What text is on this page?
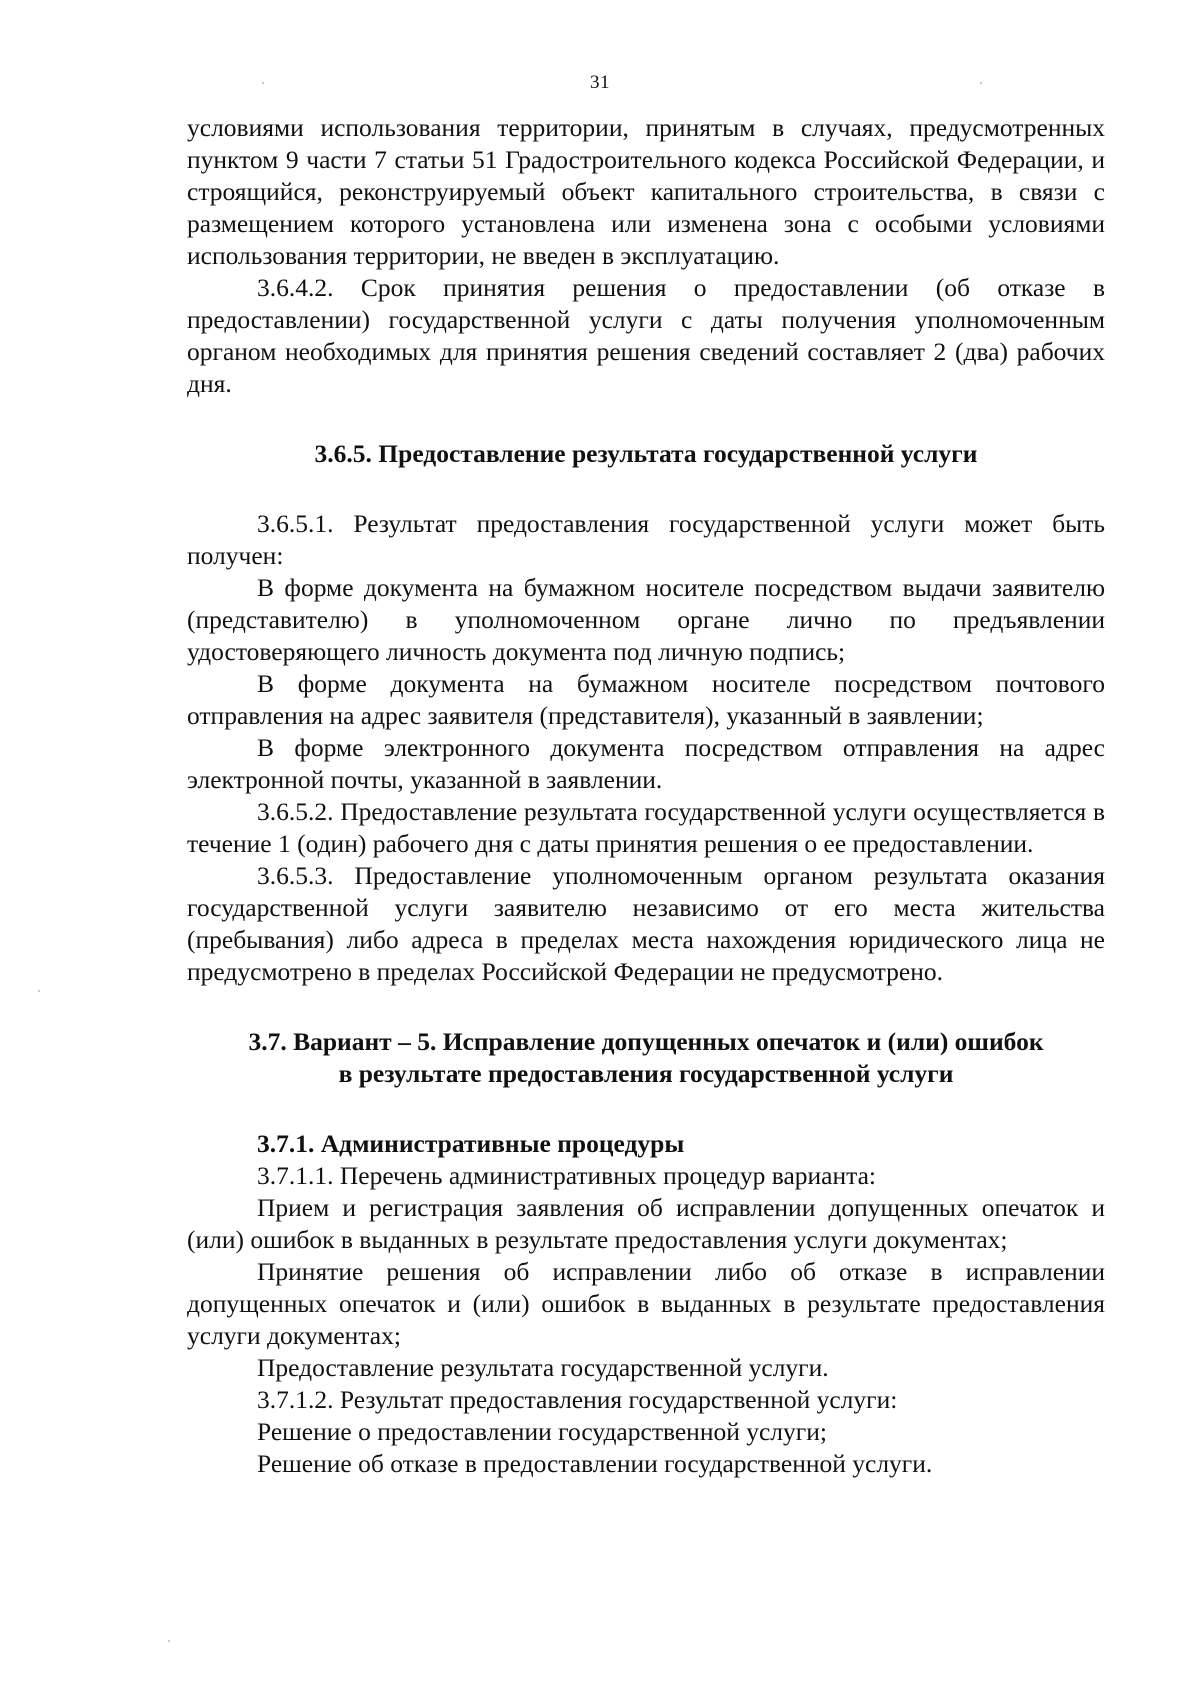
31

условиями использования территории, принятым в случаях, предусмотренных пунктом 9 части 7 статьи 51 Градостроительного кодекса Российской Федерации, и строящийся, реконструируемый объект капитального строительства, в связи с размещением которого установлена или изменена зона с особыми условиями использования территории, не введен в эксплуатацию.

3.6.4.2. Срок принятия решения о предоставлении (об отказе в предоставлении) государственной услуги с даты получения уполномоченным органом необходимых для принятия решения сведений составляет 2 (два) рабочих дня.

3.6.5. Предоставление результата государственной услуги

3.6.5.1. Результат предоставления государственной услуги может быть получен:

В форме документа на бумажном носителе посредством выдачи заявителю (представителю) в уполномоченном органе лично по предъявлении удостоверяющего личность документа под личную подпись;

В форме документа на бумажном носителе посредством почтового отправления на адрес заявителя (представителя), указанный в заявлении;

В форме электронного документа посредством отправления на адрес электронной почты, указанной в заявлении.

3.6.5.2. Предоставление результата государственной услуги осуществляется в течение 1 (один) рабочего дня с даты принятия решения о ее предоставлении.

3.6.5.3. Предоставление уполномоченным органом результата оказания государственной услуги заявителю независимо от его места жительства (пребывания) либо адреса в пределах места нахождения юридического лица не предусмотрено в пределах Российской Федерации не предусмотрено.

3.7. Вариант – 5. Исправление допущенных опечаток и (или) ошибок

в результате предоставления государственной услуги

3.7.1. Административные процедуры

3.7.1.1. Перечень административных процедур варианта:

Прием и регистрация заявления об исправлении допущенных опечаток и (или) ошибок в выданных в результате предоставления услуги документах;

Принятие решения об исправлении либо об отказе в исправлении допущенных опечаток и (или) ошибок в выданных в результате предоставления услуги документах;

Предоставление результата государственной услуги.

3.7.1.2. Результат предоставления государственной услуги:

Решение о предоставлении государственной услуги;

Решение об отказе в предоставлении государственной услуги.
